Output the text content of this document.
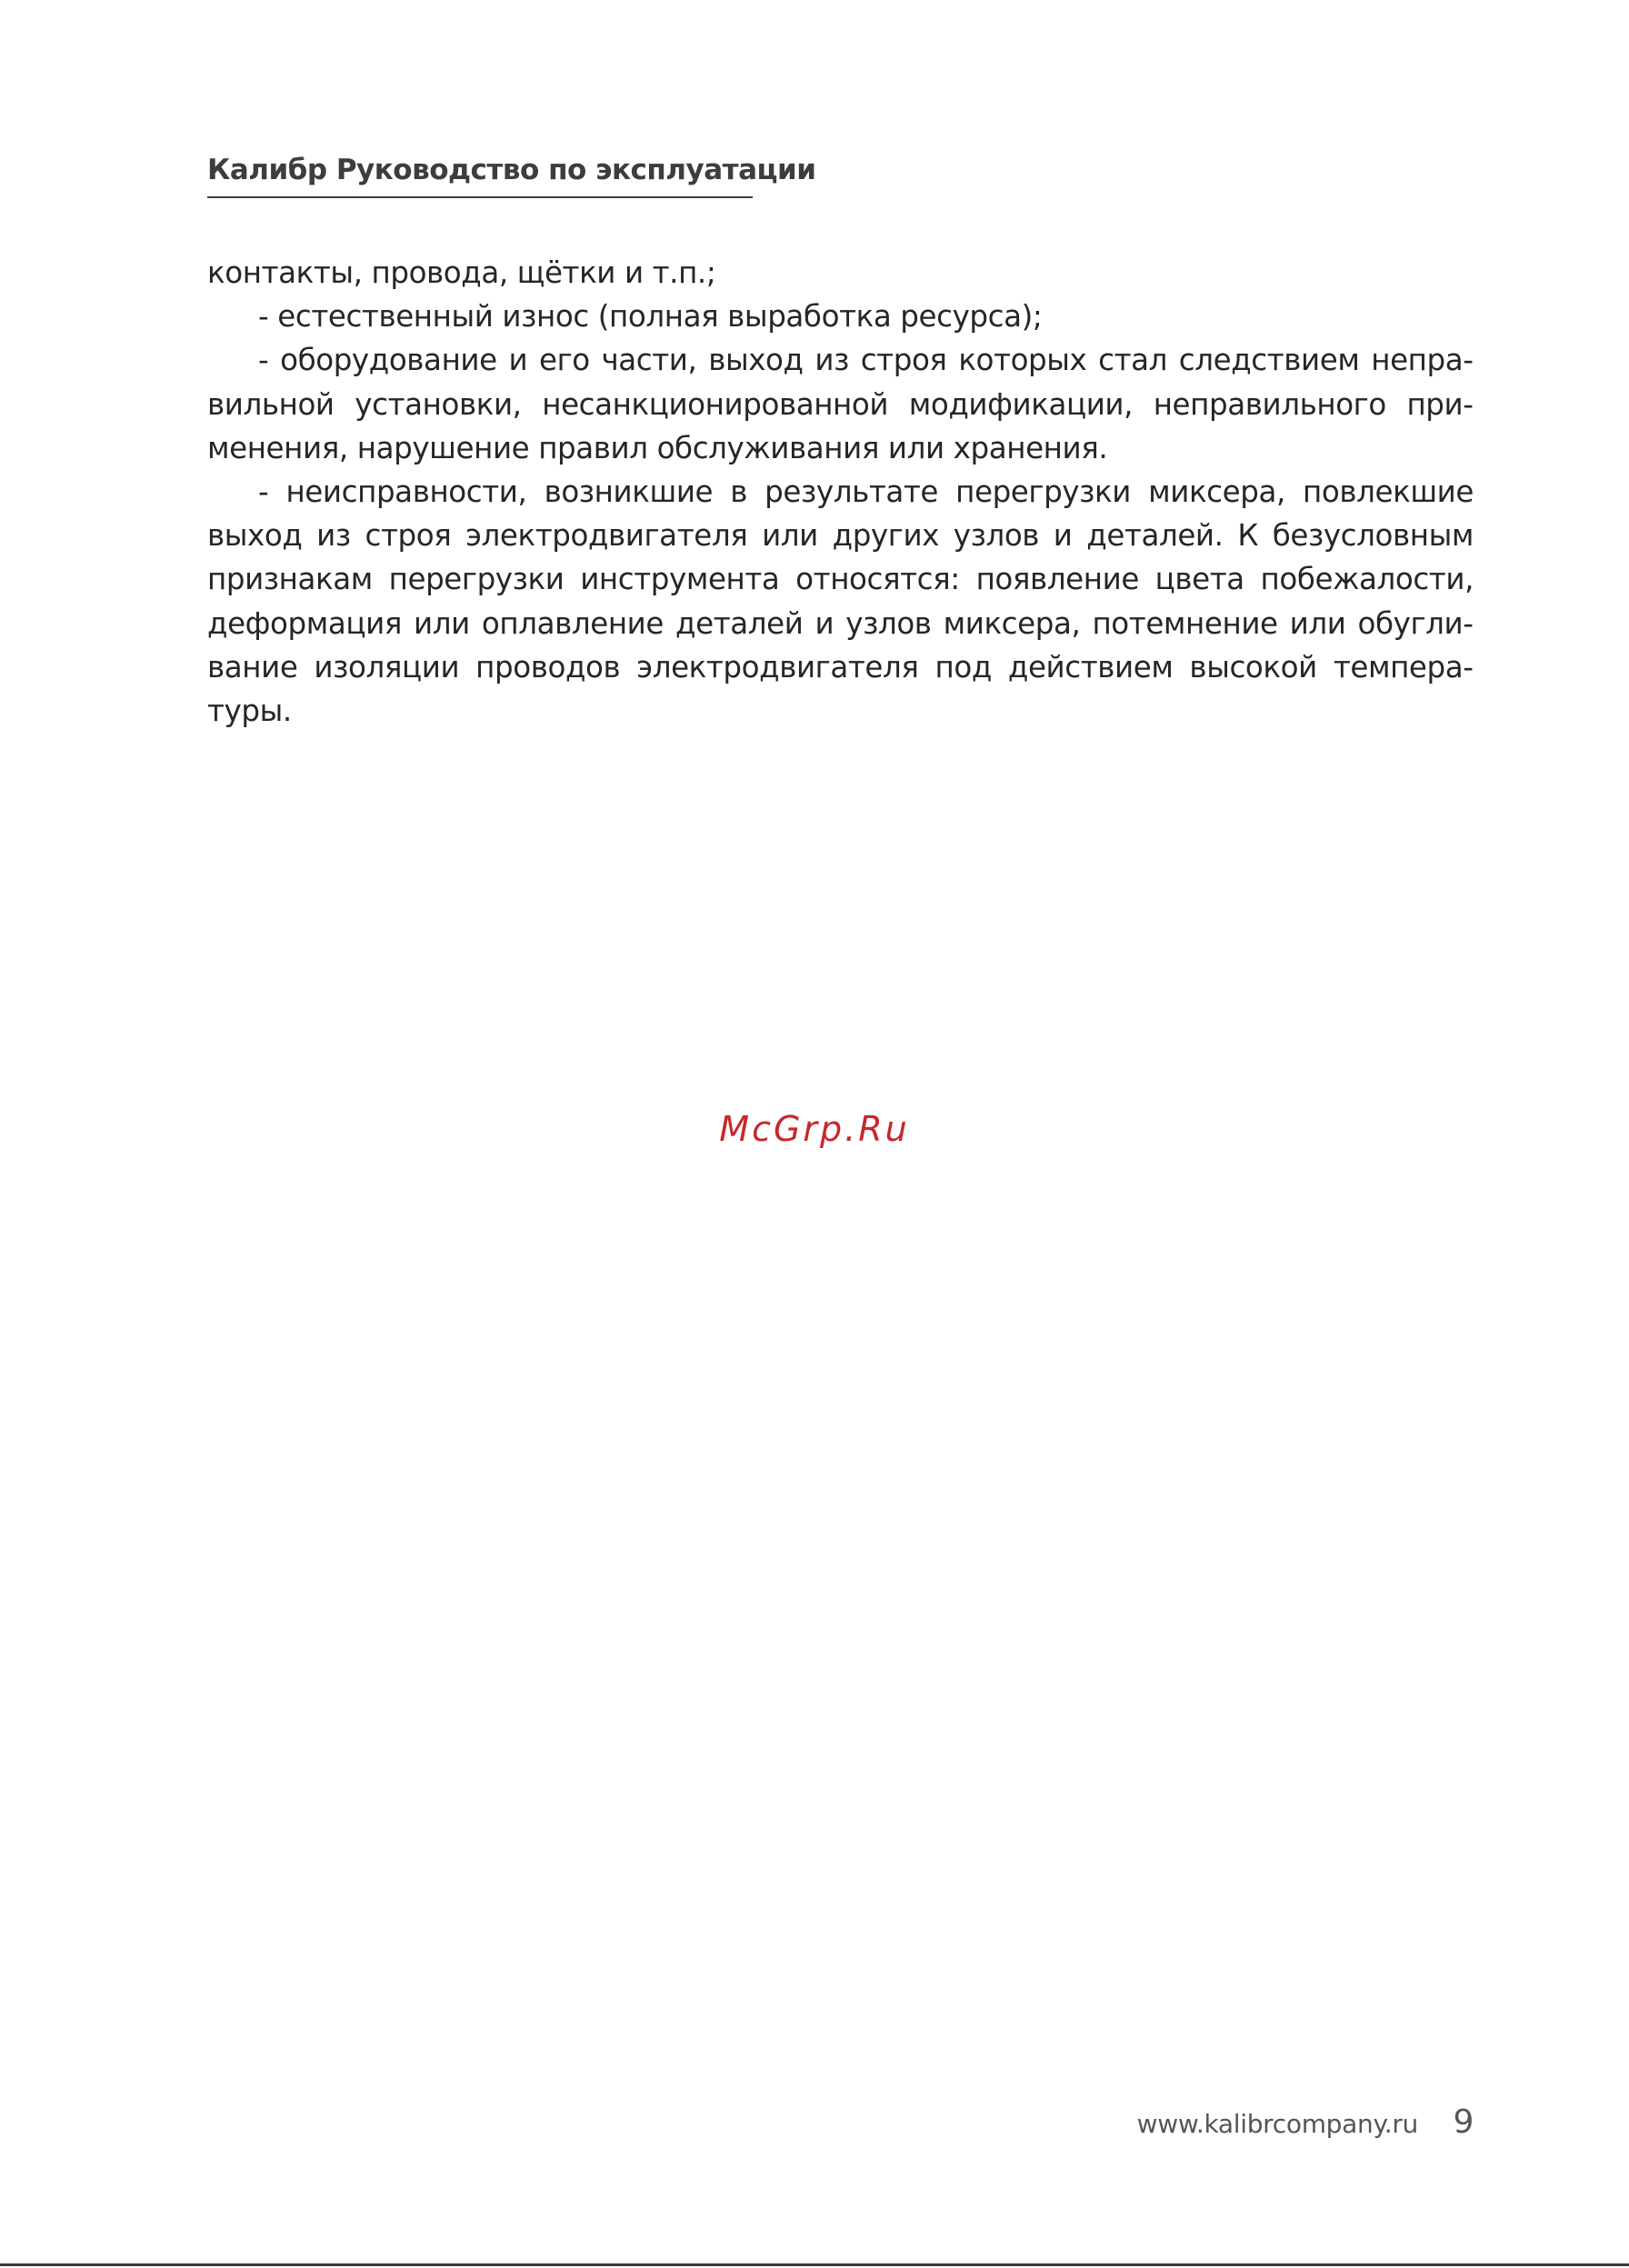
Калибр Руководство по эксплуатации

контакты, провода, щётки и т.п.;

- естественный износ (полная выработка ресурса);

- оборудование и его части, выход из строя которых стал следствием неправильной установки, несанкционированной модификации, неправильного применения, нарушение правил обслуживания или хранения.

- неисправности, возникшие в результате перегрузки миксера, повлекшие выход из строя электродвигателя или других узлов и деталей. К безусловным признакам перегрузки инструмента относятся: появление цвета побежалости, деформация или оплавление деталей и узлов миксера, потемнение или обугливание изоляции проводов электродвигателя под действием высокой температуры.

McGrp.Ru
www.kalibrcompany.ru 9
